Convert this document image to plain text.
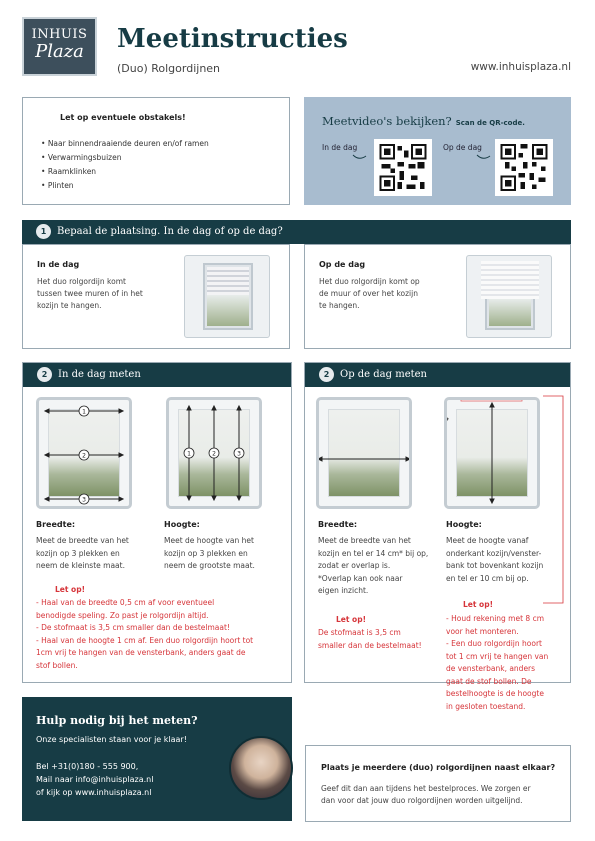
INHUIS
Plaza	Meetinstructies
(Duo) Rolgordijnen	www.inhuisplaza.nl
Let op eventuele obstakels!
• Naar binnendraaiende deuren en/of ramen
• Verwarmingsbuizen
• Raamklinken
• Plinten
Meetvideo's bekijken? Scan de QR-code.
In de dag	Op de dag
1 Bepaal de plaatsing. In de dag of op de dag?
In de dag

Het duo rolgordijn komt
tussen twee muren of in het
kozijn te hangen.

Op de dag

Het duo rolgordijn komt op
de muur of over het kozijn
te hangen.

2 In de dag meten
1
2
3
1	2	3
Breedte:
Meet de breedte van het
kozijn op 3 plekken en
neem de kleinste maat.
Hoogte:
Meet de hoogte van het
kozijn op 3 plekken en
neem de grootste maat.
Let op!
- Haal van de breedte 0,5 cm af voor eventueel
benodigde speling. Zo past je rolgordijn altijd.
- De stofmaat is 3,5 cm smaller dan de bestelmaat!
- Haal van de hoogte 1 cm af. Een duo rolgordijn hoort tot
1cm vrij te hangen van de vensterbank, anders gaat de
stof bollen.
2 Op de dag meten
Breedte:
Meet de breedte van het
kozijn en tel er 14 cm* bij op,
zodat er overlap is.
*Overlap kan ook naar
eigen inzicht.
Let op!
De stofmaat is 3,5 cm
smaller dan de bestelmaat!
Hoogte:
Meet de hoogte vanaf
onderkant kozijn/venster-
bank tot bovenkant kozijn
en tel er 10 cm bij op.
Let op!
- Houd rekening met 8 cm
voor het monteren.
- Een duo rolgordijn hoort
tot 1 cm vrij te hangen van
de vensterbank, anders
gaat de stof bollen. De
bestelhoogte is de hoogte
in gesloten toestand.
Hulp nodig bij het meten?
Onze specialisten staan voor je klaar!
Bel +31(0)180 - 555 900,
Mail naar info@inhuisplaza.nl
of kijk op www.inhuisplaza.nl
Plaats je meerdere (duo) rolgordijnen naast elkaar?

Geef dit dan aan tijdens het bestelproces. We zorgen er
dan voor dat jouw duo rolgordijnen worden uitgelijnd.
